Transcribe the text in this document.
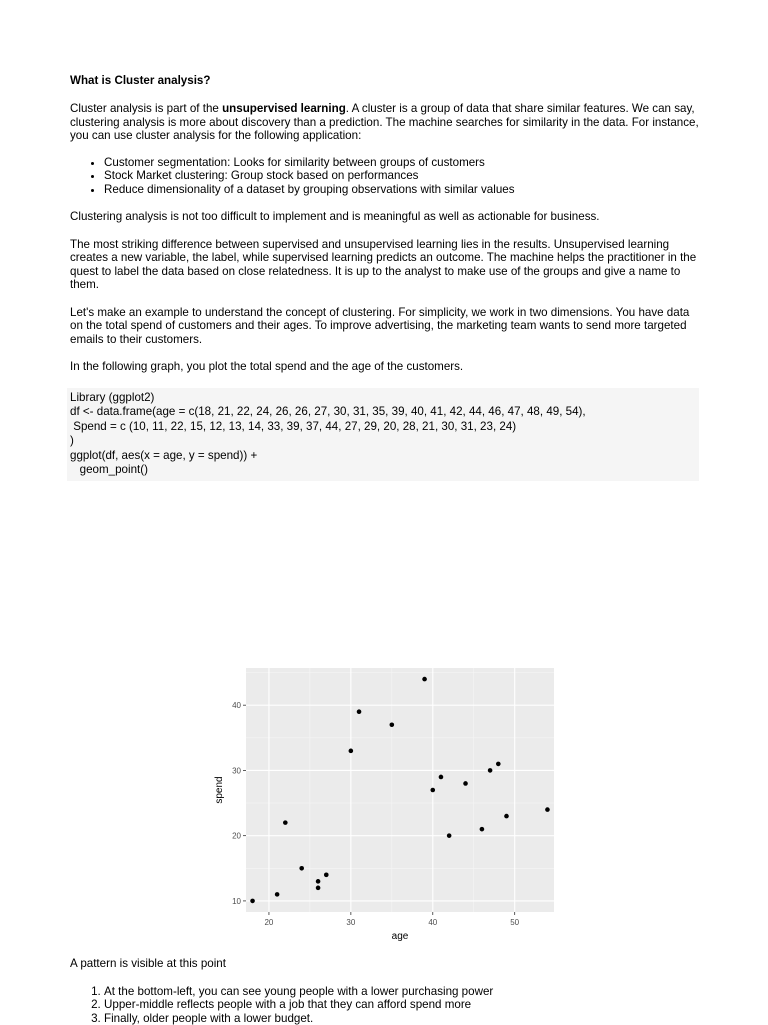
What is Cluster analysis?

Cluster analysis is part of the unsupervised learning. A cluster is a group of data that share similar features. We can say, clustering analysis is more about discovery than a prediction. The machine searches for similarity in the data. For instance, you can use cluster analysis for the following application:

• Customer segmentation: Looks for similarity between groups of customers
• Stock Market clustering: Group stock based on performances
• Reduce dimensionality of a dataset by grouping observations with similar values

Clustering analysis is not too difficult to implement and is meaningful as well as actionable for business.

The most striking difference between supervised and unsupervised learning lies in the results. Unsupervised learning creates a new variable, the label, while supervised learning predicts an outcome. The machine helps the practitioner in the quest to label the data based on close relatedness. It is up to the analyst to make use of the groups and give a name to them.

Let's make an example to understand the concept of clustering. For simplicity, we work in two dimensions. You have data on the total spend of customers and their ages. To improve advertising, the marketing team wants to send more targeted emails to their customers.

In the following graph, you plot the total spend and the age of the customers.

Library (ggplot2)
df <- data.frame(age = c(18, 21, 22, 24, 26, 26, 27, 30, 31, 35, 39, 40, 41, 42, 44, 46, 47, 48, 49, 54),
Spend = c (10, 11, 22, 15, 12, 13, 14, 33, 39, 37, 44, 27, 29, 20, 28, 21, 30, 31, 23, 24)
)
ggplot(df, aes(x = age, y = spend)) +
geom_point()
20	30	40	50
10
20
30
40
age
spend

A pattern is visible at this point

1. At the bottom-left, you can see young people with a lower purchasing power
2. Upper-middle reflects people with a job that they can afford spend more
3. Finally, older people with a lower budget.
